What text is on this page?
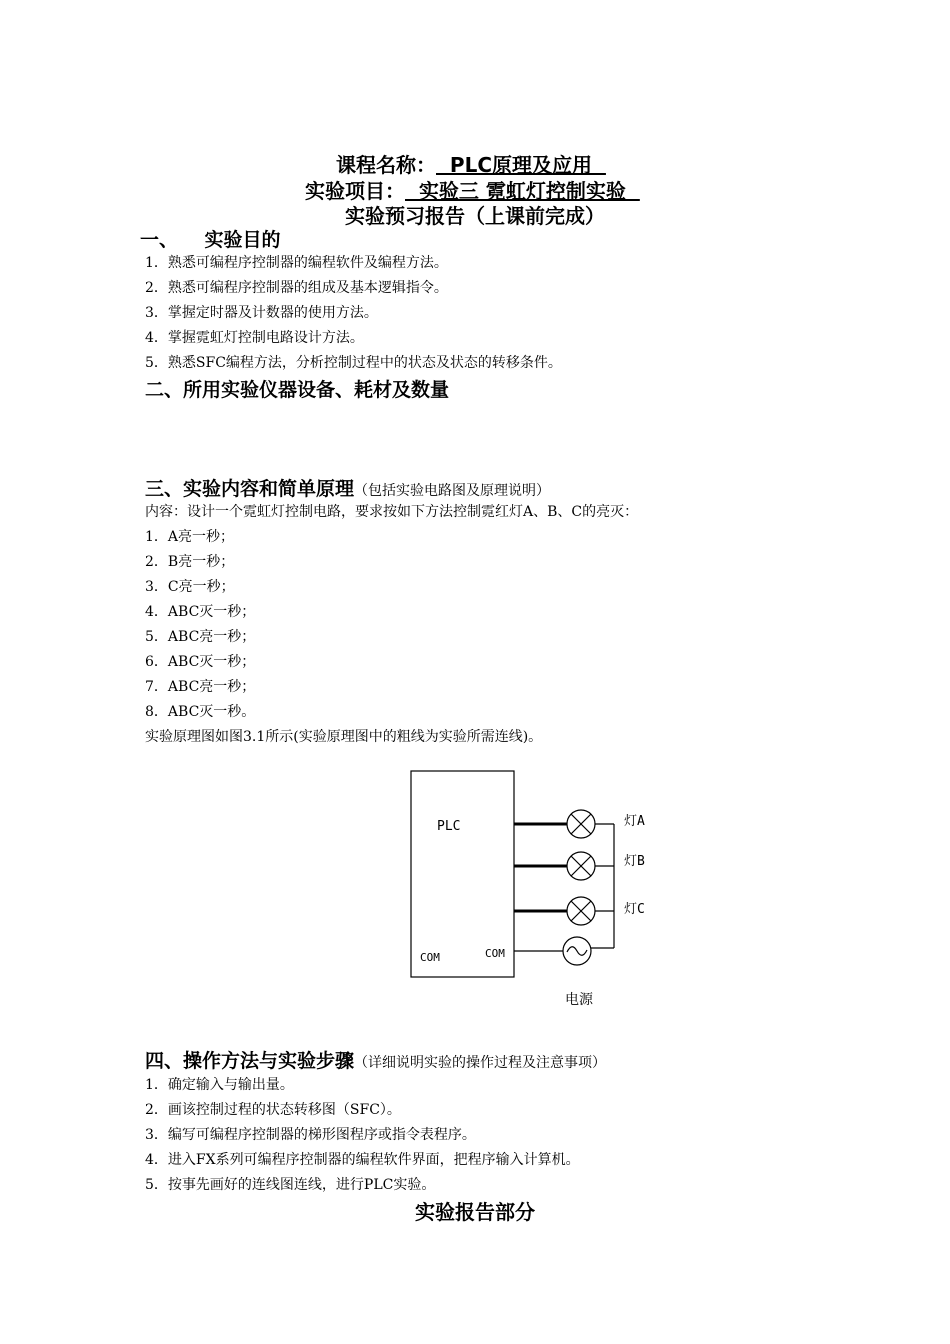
课程名称：  PLC原理及应用
实验项目：  实验三 霓虹灯控制实验
实验预习报告（上课前完成）
一、    实验目的
1．熟悉可编程序控制器的编程软件及编程方法。
2．熟悉可编程序控制器的组成及基本逻辑指令。
3．掌握定时器及计数器的使用方法。
4．掌握霓虹灯控制电路设计方法。
5．熟悉SFC编程方法，分析控制过程中的状态及状态的转移条件。
二、所用实验仪器设备、耗材及数量
三、实验内容和简单原理（包括实验电路图及原理说明）
内容：设计一个霓虹灯控制电路，要求按如下方法控制霓红灯A、B、C的亮灭：
1．A亮一秒；
2．B亮一秒；
3．C亮一秒；
4．ABC灭一秒；
5．ABC亮一秒；
6．ABC灭一秒；
7．ABC亮一秒；
8．ABC灭一秒。
实验原理图如图3.1所示(实验原理图中的粗线为实验所需连线)。
PLC
COM	COM
灯A
灯B
灯C
电源
四、操作方法与实验步骤（详细说明实验的操作过程及注意事项）
1．确定输入与输出量。
2．画该控制过程的状态转移图（SFC）。
3．编写可编程序控制器的梯形图程序或指令表程序。
4．进入FX系列可编程序控制器的编程软件界面，把程序输入计算机。
5．按事先画好的连线图连线，进行PLC实验。
实验报告部分
